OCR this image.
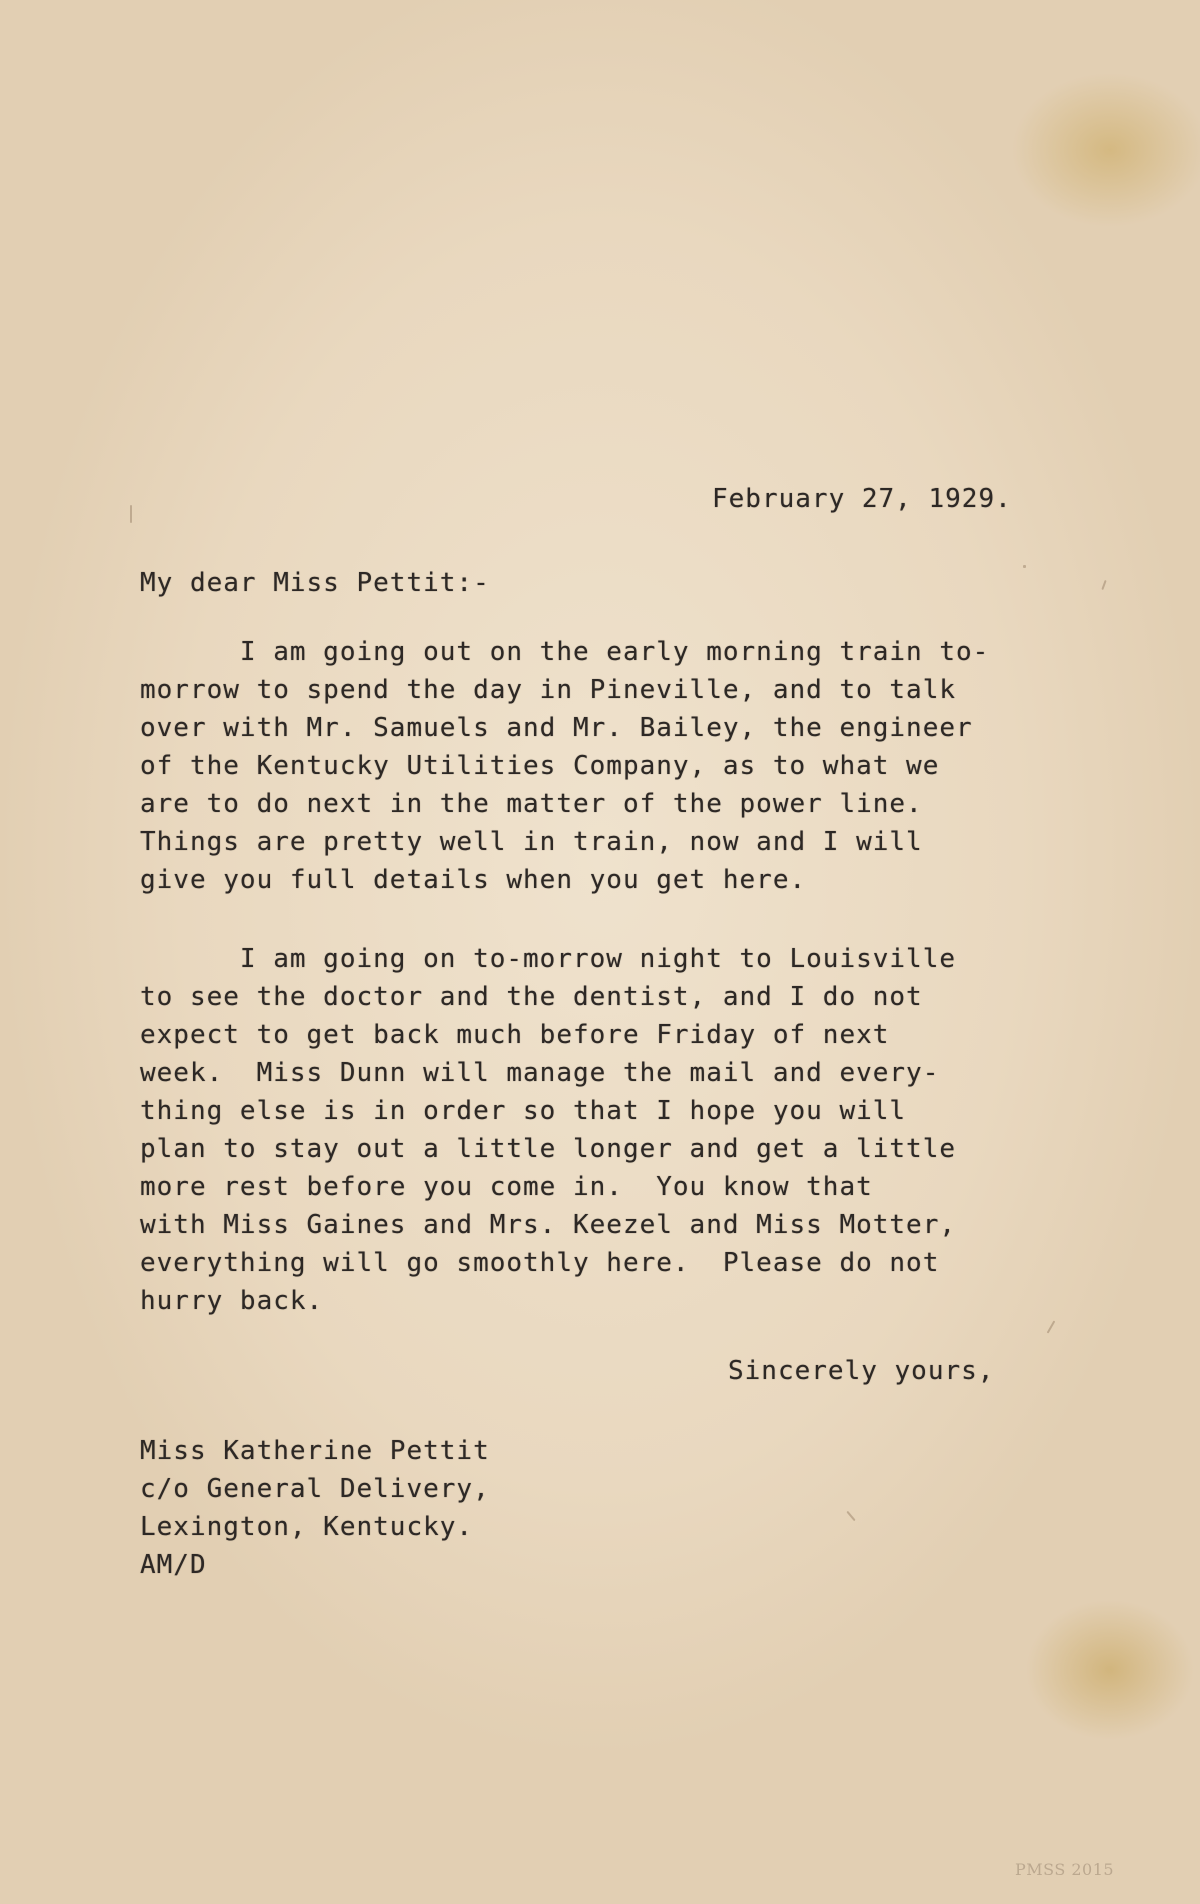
February 27, 1929.

My dear Miss Pettit:-

I am going out on the early morning train to-
morrow to spend the day in Pineville, and to talk
over with Mr. Samuels and Mr. Bailey, the engineer
of the Kentucky Utilities Company, as to what we
are to do next in the matter of the power line.
Things are pretty well in train, now and I will
give you full details when you get here.

I am going on to-morrow night to Louisville
to see the doctor and the dentist, and I do not
expect to get back much before Friday of next
week.  Miss Dunn will manage the mail and every-
thing else is in order so that I hope you will
plan to stay out a little longer and get a little
more rest before you come in.  You know that
with Miss Gaines and Mrs. Keezel and Miss Motter,
everything will go smoothly here.  Please do not
hurry back.

Sincerely yours,

Miss Katherine Pettit
c/o General Delivery,
Lexington, Kentucky.
AM/D

PMSS 2015
